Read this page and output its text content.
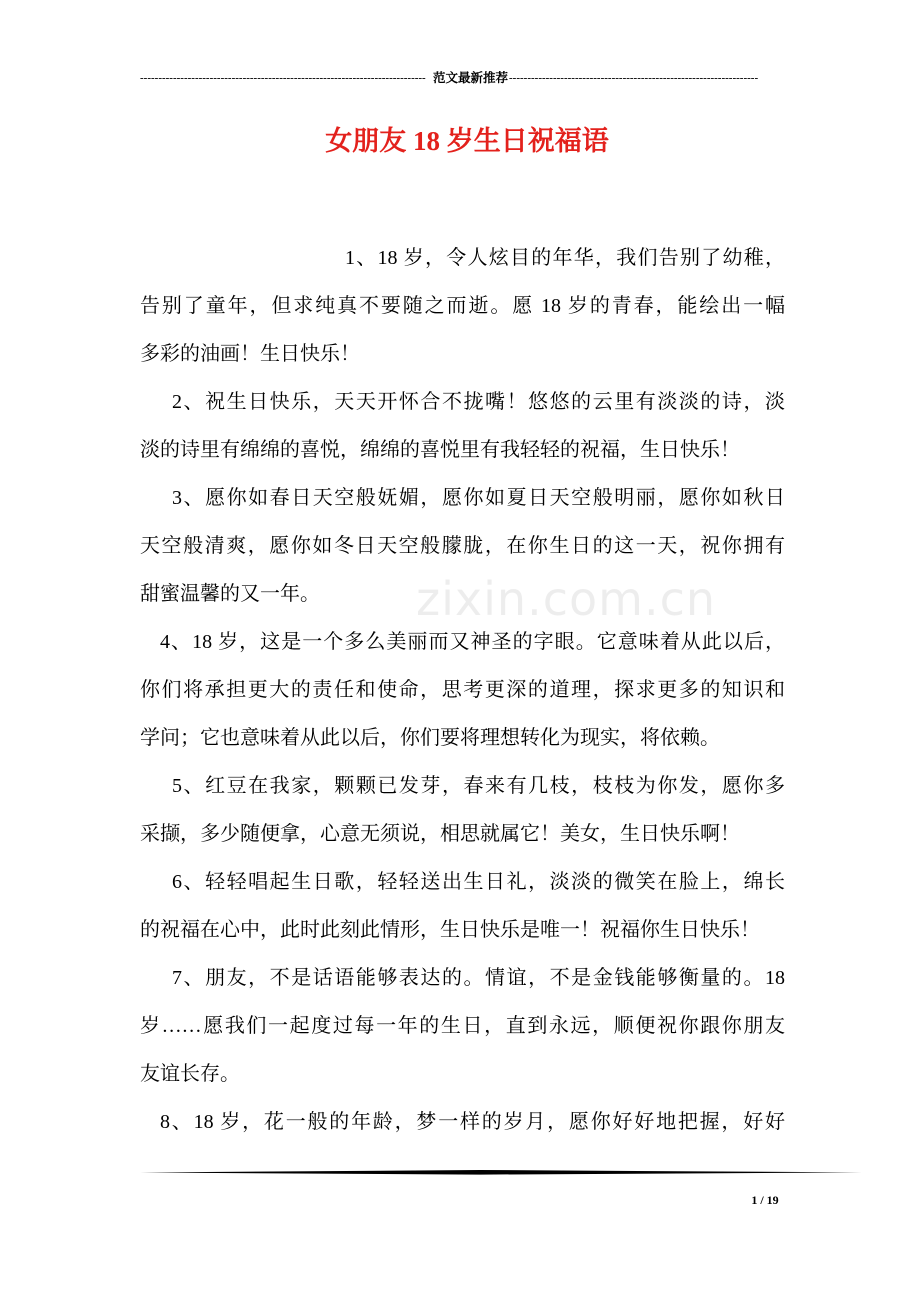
------------------------------------------------------------------------------ 范文最新推荐 --------------------------------------------------------------------
女朋友 18 岁生日祝福语
zixin.com.cn
1、18 岁，令人炫目的年华，我们告别了幼稚，
告别了童年，但求纯真不要随之而逝。愿 18 岁的青春，能绘出一幅
多彩的油画！生日快乐！
2、祝生日快乐，天天开怀合不拢嘴！悠悠的云里有淡淡的诗，淡
淡的诗里有绵绵的喜悦，绵绵的喜悦里有我轻轻的祝福，生日快乐！
3、愿你如春日天空般妩媚，愿你如夏日天空般明丽，愿你如秋日
天空般清爽，愿你如冬日天空般朦胧，在你生日的这一天，祝你拥有
甜蜜温馨的又一年。
4、18 岁，这是一个多么美丽而又神圣的字眼。它意味着从此以后，
你们将承担更大的责任和使命，思考更深的道理，探求更多的知识和
学问；它也意味着从此以后，你们要将理想转化为现实，将依赖。
5、红豆在我家，颗颗已发芽，春来有几枝，枝枝为你发，愿你多
采撷，多少随便拿，心意无须说，相思就属它！美女，生日快乐啊！
6、轻轻唱起生日歌，轻轻送出生日礼，淡淡的微笑在脸上，绵长
的祝福在心中，此时此刻此情形，生日快乐是唯一！祝福你生日快乐！
7、朋友，不是话语能够表达的。情谊，不是金钱能够衡量的。18
岁……愿我们一起度过每一年的生日，直到永远，顺便祝你跟你朋友
友谊长存。
8、18 岁，花一般的年龄，梦一样的岁月，愿你好好地把握，好好
1 / 19
